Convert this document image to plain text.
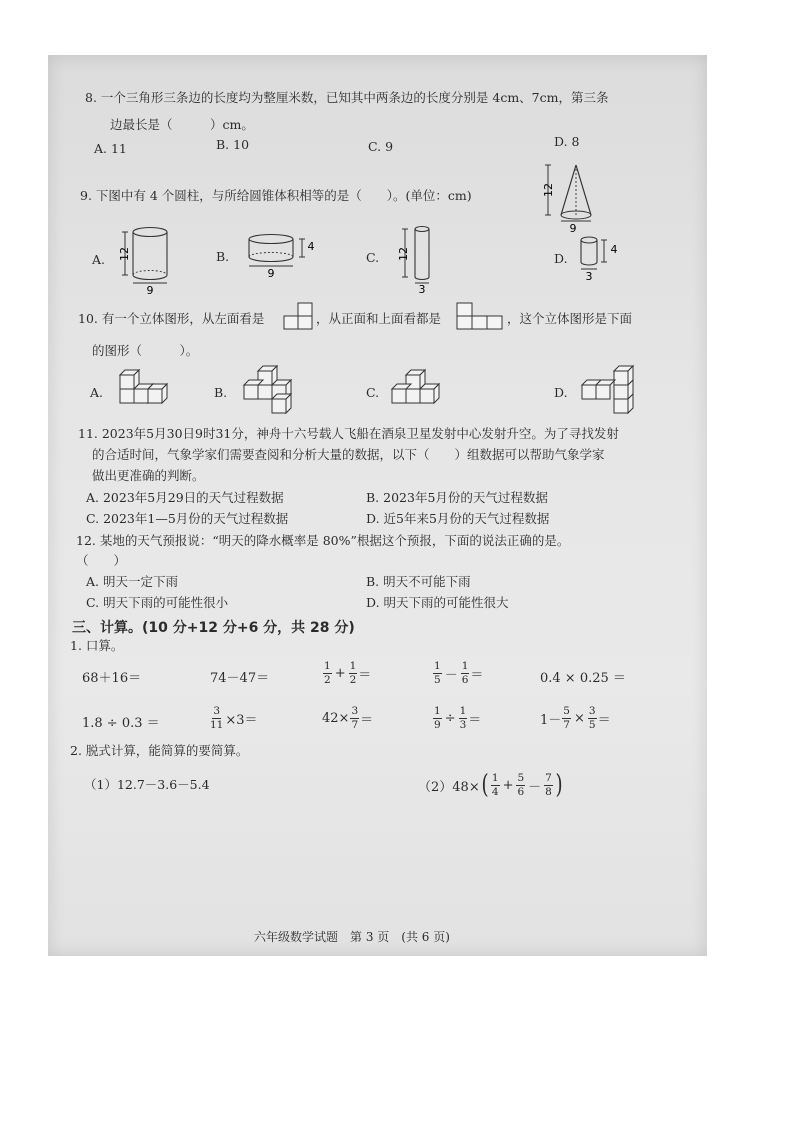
8. 一个三角形三条边的长度均为整厘米数，已知其中两条边的长度分别是 4cm、7cm，第三条
边最长是（　　　）cm。
A. 11	B. 10	C. 9	D. 8
9. 下图中有 4 个圆柱，与所给圆锥体积相等的是（　　）。(单位：cm)	12
9
A. 12
9
B.
4
9
C. 12
3
D.
4
3
10. 有一个立体图形，从左面看是	，从正面和上面看都是	，这个立体图形是下面
的图形（　　　）。
A.	B.	C.	D.
11. 2023年5月30日9时31分，神舟十六号载人飞船在酒泉卫星发射中心发射升空。为了寻找发射
的合适时间，气象学家们需要查阅和分析大量的数据，以下（　　）组数据可以帮助气象学家
做出更准确的判断。
A. 2023年5月29日的天气过程数据	B. 2023年5月份的天气过程数据
C. 2023年1—5月份的天气过程数据	D. 近5年来5月份的天气过程数据
12. 某地的天气预报说：“明天的降水概率是 80%”根据这个预报，下面的说法正确的是。
（　　）
A. 明天一定下雨	B. 明天不可能下雨
C. 明天下雨的可能性很小	D. 明天下雨的可能性很大
三、计算。(10 分+12 分+6 分，共 28 分)
1. 口算。
68＋16＝	74－47＝	$\frac{1}{2} + \frac{1}{2}$ ＝	$\frac{1}{5} - \frac{1}{6}$ ＝	0.4 × 0.25 ＝
1.8 ÷ 0.3 ＝	$\frac{3}{11} \times 3=$	$42\times \frac{3}{7}$ ＝	$\frac{1}{9} \div \frac{1}{3}$ ＝	$1- \frac{5}{7} \times \frac{3}{5}$ ＝
2. 脱式计算，能简算的要简算。
（1）12.7－3.6－5.4	（2）48× ( $\frac{1}{4} + \frac{5}{6} - \frac{7}{8}$ )
六年级数学试题　第 3 页　(共 6 页)
